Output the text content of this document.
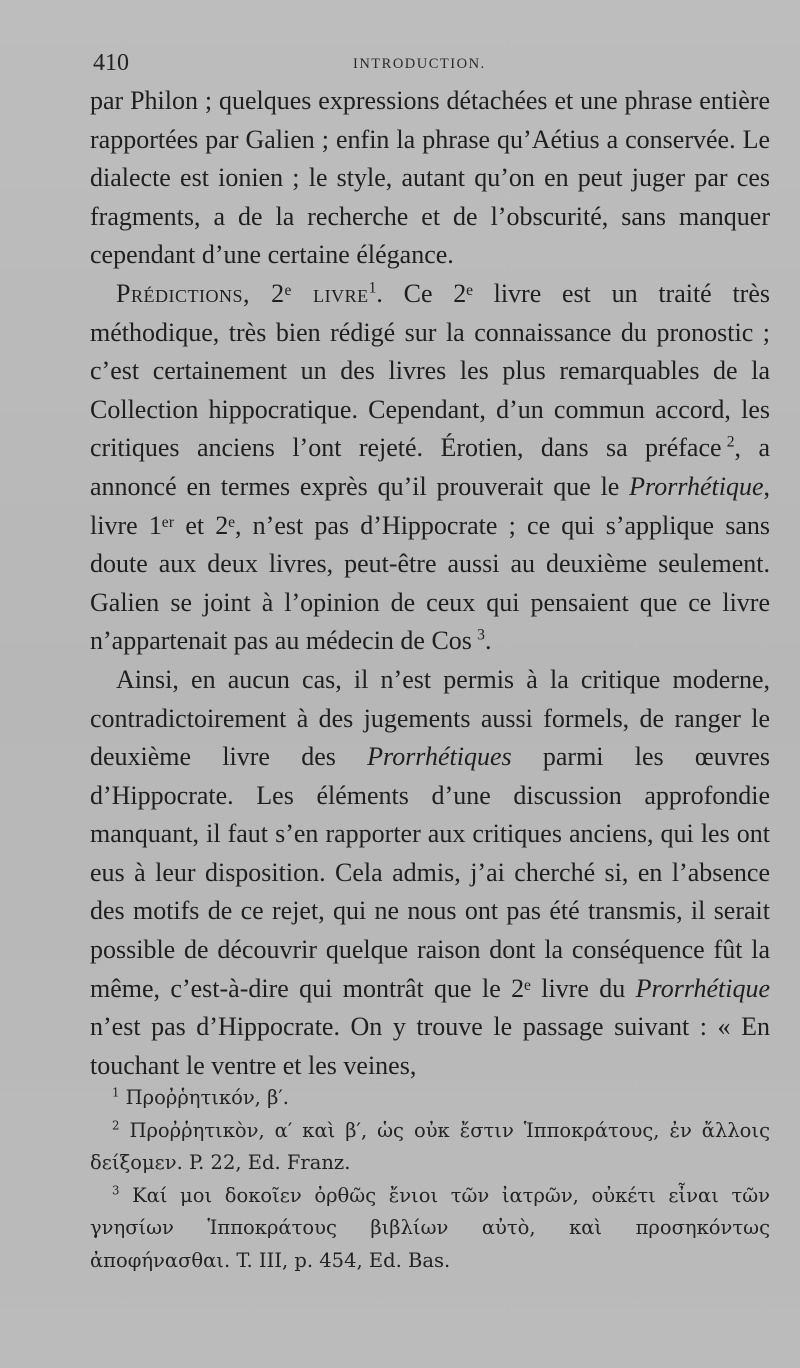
410	INTRODUCTION.

par Philon ; quelques expressions détachées et une phrase entière rapportées par Galien ; enfin la phrase qu’Aétius a conservée. Le dialecte est ionien ; le style, autant qu’on en peut juger par ces fragments, a de la recherche et de l’obscurité, sans manquer cependant d’une certaine élégance.

Prédictions, 2ᵉ livre$^1$. Ce 2ᵉ livre est un traité très méthodique, très bien rédigé sur la connaissance du pronostic ; c’est certainement un des livres les plus remarquables de la Collection hippocratique. Cependant, d’un commun accord, les critiques anciens l’ont rejeté. Érotien, dans sa préface  $^2$, a annoncé en termes exprès qu’il prouverait que le Prorrhétique, livre 1ᵉʳ et 2ᵉ, n’est pas d’Hippocrate ; ce qui s’applique sans doute aux deux livres, peut-être aussi au deuxième seulement. Galien se joint à l’opinion de ceux qui pensaient que ce livre n’appartenait pas au médecin de Cos  $^3$.

Ainsi, en aucun cas, il n’est permis à la critique moderne, contradictoirement à des jugements aussi formels, de ranger le deuxième livre des Prorrhétiques parmi les œuvres d’Hippocrate. Les éléments d’une discussion approfondie manquant, il faut s’en rapporter aux critiques anciens, qui les ont eus à leur disposition. Cela admis, j’ai cherché si, en l’absence des motifs de ce rejet, qui ne nous ont pas été transmis, il serait possible de découvrir quelque raison dont la conséquence fût la même, c’est-à-dire qui montrât que le 2ᵉ livre du Prorrhétique n’est pas d’Hippocrate. On y trouve le passage suivant : « En touchant le ventre et les veines,

$^1$ Προῤῥητικόν, β′.

$^2$ Προῤῥητικὸν, α′ καὶ β′, ὡς οὐκ ἔστιν Ἱπποκράτους, ἐν ἄλλοις δείξομεν. P. 22, Ed. Franz.

$^3$ Καί μοι δοκοῖεν ὀρθῶς ἔνιοι τῶν ἰατρῶν, οὐκέτι εἶναι τῶν γνησίων Ἱπποκράτους βιβλίων αὐτὸ, καὶ προσηκόντως ἀποφήνασθαι. T. III, p. 454, Ed. Bas.
